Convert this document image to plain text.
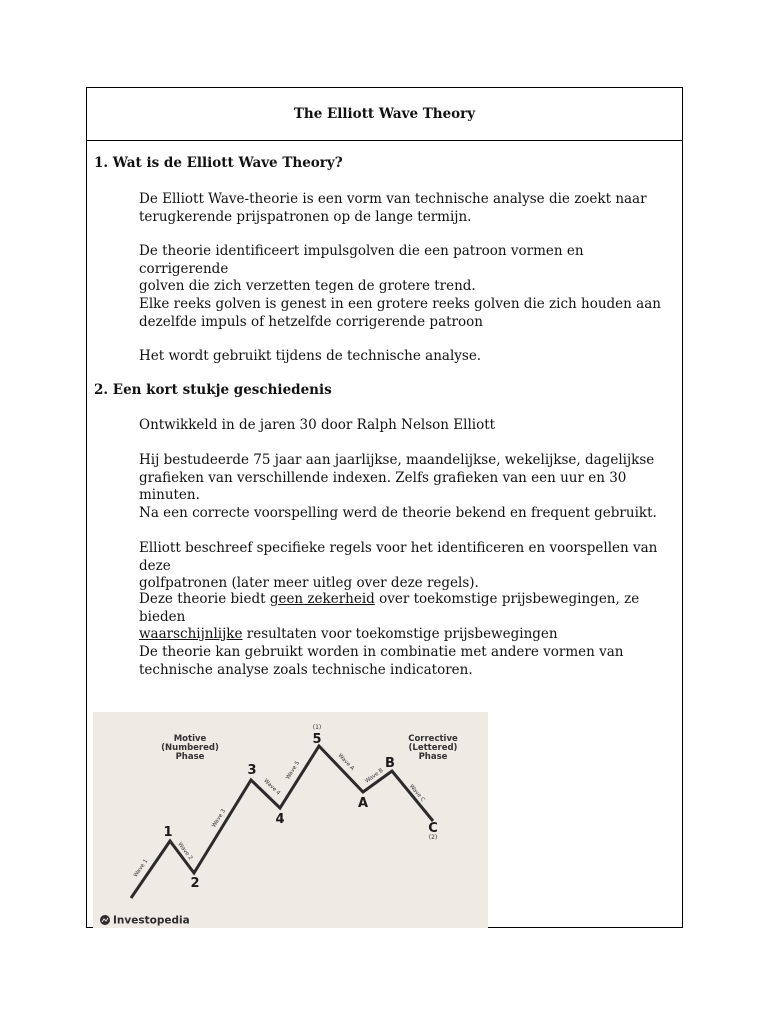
The Elliott Wave Theory
1. Wat is de Elliott Wave Theory?
De Elliott Wave-theorie is een vorm van technische analyse die zoekt naar
terugkerende prijspatronen op de lange termijn.
De theorie identificeert impulsgolven die een patroon vormen en corrigerende
golven die zich verzetten tegen de grotere trend.
Elke reeks golven is genest in een grotere reeks golven die zich houden aan
dezelfde impuls of hetzelfde corrigerende patroon
Het wordt gebruikt tijdens de technische analyse.
2. Een kort stukje geschiedenis
Ontwikkeld in de jaren 30 door Ralph Nelson Elliott
Hij bestudeerde 75 jaar aan jaarlijkse, maandelijkse, wekelijkse, dagelijkse
grafieken van verschillende indexen. Zelfs grafieken van een uur en 30 minuten.
Na een correcte voorspelling werd de theorie bekend en frequent gebruikt.
Elliott beschreef specifieke regels voor het identificeren en voorspellen van deze
golfpatronen (later meer uitleg over deze regels).
Deze theorie biedt geen zekerheid over toekomstige prijsbewegingen, ze bieden
waarschijnlijke resultaten voor toekomstige prijsbewegingen
De theorie kan gebruikt worden in combinatie met andere vormen van
technische analyse zoals technische indicatoren.
Motive
(Numbered)
Phase
Corrective
(Lettered)
Phase
1
2
3
4
5
A
B
C
(1)
(2)
Wave 1
Wave 2
Wave 3
Wave 4
Wave 5	Wave A
Wave B
Wave C
Investopedia
